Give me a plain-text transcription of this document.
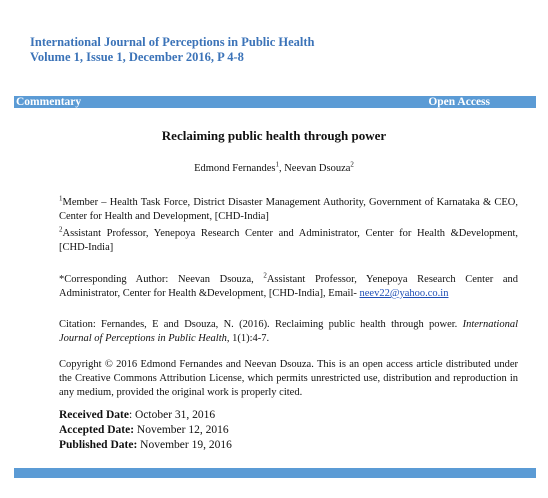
International Journal of Perceptions in Public Health
Volume 1, Issue 1, December 2016, P 4-8
Commentary	Open Access
Reclaiming public health through power
Edmond Fernandes$^1$, Neevan Dsouza$^2$
$^1$Member – Health Task Force, District Disaster Management Authority, Government of Karnataka & CEO, Center for Health and Development, [CHD-India]
$^2$Assistant Professor, Yenepoya Research Center and Administrator, Center for Health &Development, [CHD-India]
*Corresponding Author: Neevan Dsouza, $^2$Assistant Professor, Yenepoya Research Center and Administrator, Center for Health &Development, [CHD-India], Email- neev22@yahoo.co.in
Citation: Fernandes, E and Dsouza, N. (2016). Reclaiming public health through power. International Journal of Perceptions in Public Health, 1(1):4-7.
Copyright © 2016 Edmond Fernandes and Neevan Dsouza. This is an open access article distributed under the Creative Commons Attribution License, which permits unrestricted use, distribution and reproduction in any medium, provided the original work is properly cited.
Received Date: October 31, 2016
Accepted Date: November 12, 2016
Published Date: November 19, 2016
